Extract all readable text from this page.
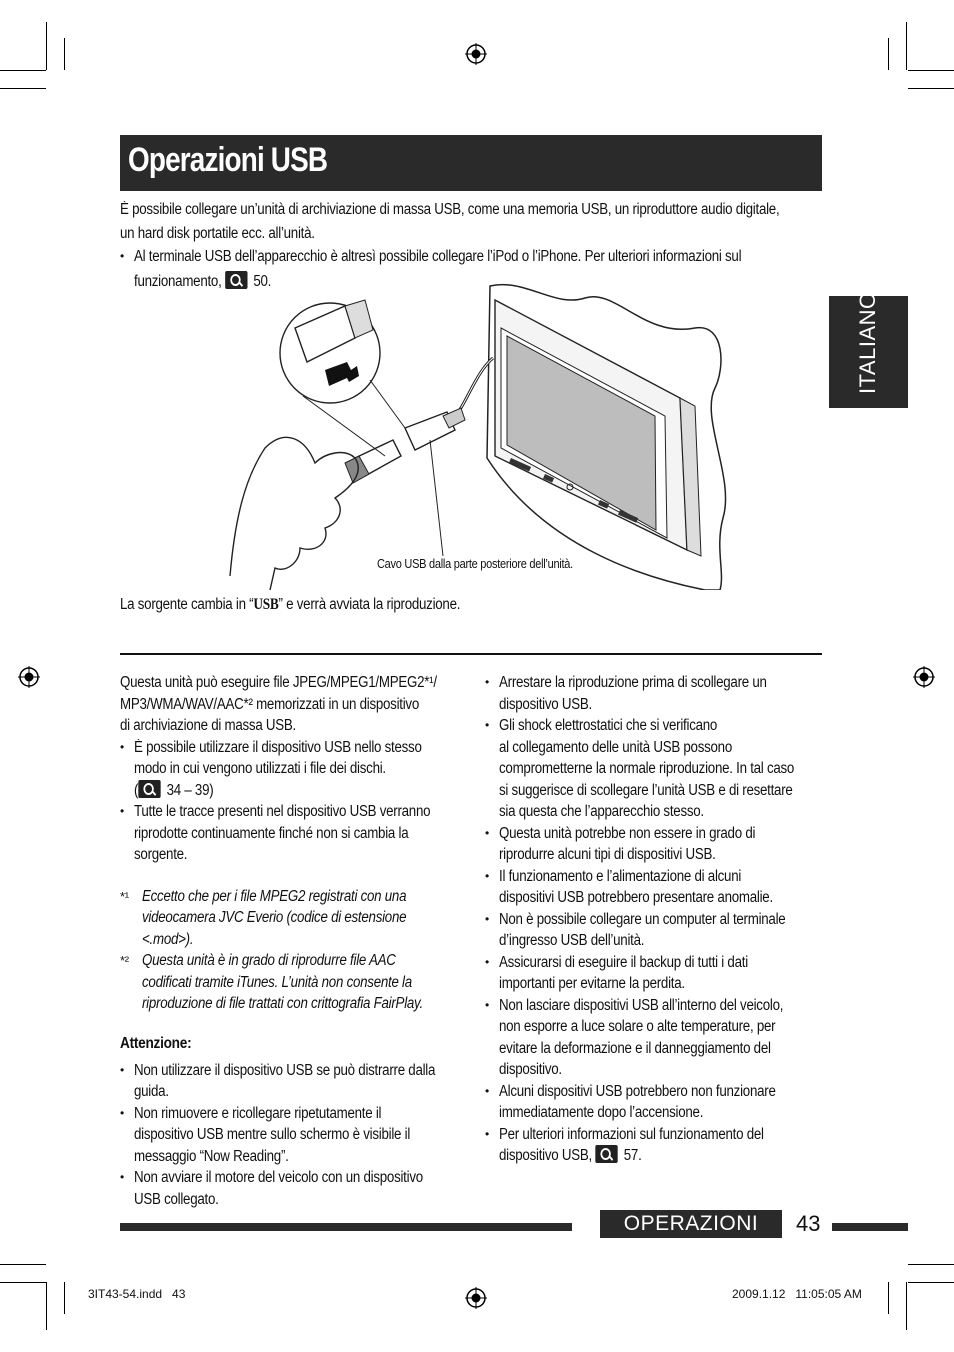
Operazioni USB
ITALIANO
È possibile collegare un’unità di archiviazione di massa USB, come una memoria USB, un riproduttore audio digitale,
un hard disk portatile ecc. all’unità.
• Al terminale USB dell’apparecchio è altresì possibile collegare l’iPod o l’iPhone. Per ulteriori informazioni sul
funzionamento,  50.
Cavo USB dalla parte posteriore dell’unità.
La sorgente cambia in “USB” e verrà avviata la riproduzione.
Questa unità può eseguire file JPEG/MPEG1/MPEG2*¹/
MP3/WMA/WAV/AAC*² memorizzati in un dispositivo
di archiviazione di massa USB.
• È possibile utilizzare il dispositivo USB nello stesso
modo in cui vengono utilizzati i file dei dischi.
( 34 – 39)
• Tutte le tracce presenti nel dispositivo USB verranno
riprodotte continuamente finché non si cambia la
sorgente.
*¹ Eccetto che per i file MPEG2 registrati con una
videocamera JVC Everio (codice di estensione
<.mod>).
*² Questa unità è in grado di riprodurre file AAC
codificati tramite iTunes. L’unità non consente la
riproduzione di file trattati con crittografia FairPlay.
Attenzione:
• Non utilizzare il dispositivo USB se può distrarre dalla
guida.
• Non rimuovere e ricollegare ripetutamente il
dispositivo USB mentre sullo schermo è visibile il
messaggio “Now Reading”.
• Non avviare il motore del veicolo con un dispositivo
USB collegato.
• Arrestare la riproduzione prima di scollegare un
dispositivo USB.
• Gli shock elettrostatici che si verificano
al collegamento delle unità USB possono
comprometterne la normale riproduzione. In tal caso
si suggerisce di scollegare l’unità USB e di resettare
sia questa che l’apparecchio stesso.
• Questa unità potrebbe non essere in grado di
riprodurre alcuni tipi di dispositivi USB.
• Il funzionamento e l’alimentazione di alcuni
dispositivi USB potrebbero presentare anomalie.
• Non è possibile collegare un computer al terminale
d’ingresso USB dell’unità.
• Assicurarsi di eseguire il backup di tutti i dati
importanti per evitarne la perdita.
• Non lasciare dispositivi USB all’interno del veicolo,
non esporre a luce solare o alte temperature, per
evitare la deformazione e il danneggiamento del
dispositivo.
• Alcuni dispositivi USB potrebbero non funzionare
immediatamente dopo l’accensione.
• Per ulteriori informazioni sul funzionamento del
dispositivo USB,  57.
OPERAZIONI	43
3IT43-54.indd   43	2009.1.12   11:05:05 AM
